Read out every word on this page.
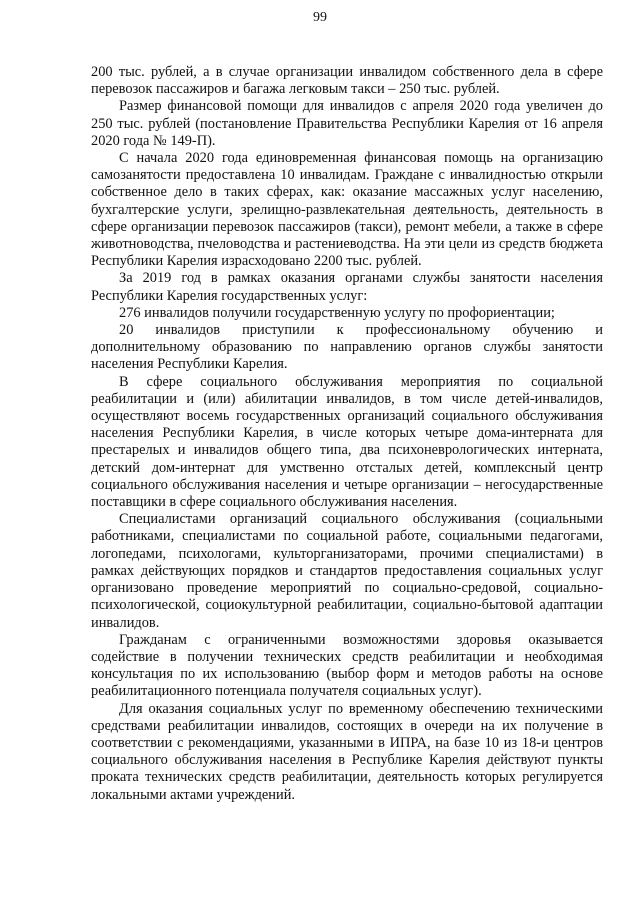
99

200 тыс. рублей, а в случае организации инвалидом собственного дела в сфере перевозок пассажиров и багажа легковым такси – 250 тыс. рублей.

Размер финансовой помощи для инвалидов с апреля 2020 года увеличен до 250 тыс. рублей (постановление Правительства Республики Карелия от 16 апреля 2020 года № 149-П).

С начала 2020 года единовременная финансовая помощь на организацию самозанятости предоставлена 10 инвалидам. Граждане с инвалидностью открыли собственное дело в таких сферах, как: оказание массажных услуг населению, бухгалтерские услуги, зрелищно-развлекательная деятельность, деятельность в сфере организации перевозок пассажиров (такси), ремонт мебели, а также в сфере животноводства, пчеловодства и растениеводства. На эти цели из средств бюджета Республики Карелия израсходовано 2200 тыс. рублей.

За 2019 год в рамках оказания органами службы занятости населения Республики Карелия государственных услуг:

276 инвалидов получили государственную услугу по профориентации;

20 инвалидов приступили к профессиональному обучению и дополнительному образованию по направлению органов службы занятости населения Республики Карелия.

В сфере социального обслуживания мероприятия по социальной реабилитации и (или) абилитации инвалидов, в том числе детей-инвалидов, осуществляют восемь государственных организаций социального обслуживания населения Республики Карелия, в числе которых четыре дома-интерната для престарелых и инвалидов общего типа, два психоневрологических интерната, детский дом-интернат для умственно отсталых детей, комплексный центр социального обслуживания населения и четыре организации – негосударственные поставщики в сфере социального обслуживания населения.

Специалистами организаций социального обслуживания (социальными работниками, специалистами по социальной работе, социальными педагогами, логопедами, психологами, культорганизаторами, прочими специалистами) в рамках действующих порядков и стандартов предоставления социальных услуг организовано проведение мероприятий по социально-средовой, социально-психологической, социокультурной реабилитации, социально-бытовой адаптации инвалидов.

Гражданам с ограниченными возможностями здоровья оказывается содействие в получении технических средств реабилитации и необходимая консультация по их использованию (выбор форм и методов работы на основе реабилитационного потенциала получателя социальных услуг).

Для оказания социальных услуг по временному обеспечению техническими средствами реабилитации инвалидов, состоящих в очереди на их получение в соответствии с рекомендациями, указанными в ИПРА, на базе 10 из 18-и центров социального обслуживания населения в Республике Карелия действуют пункты проката технических средств реабилитации, деятельность которых регулируется локальными актами учреждений.
